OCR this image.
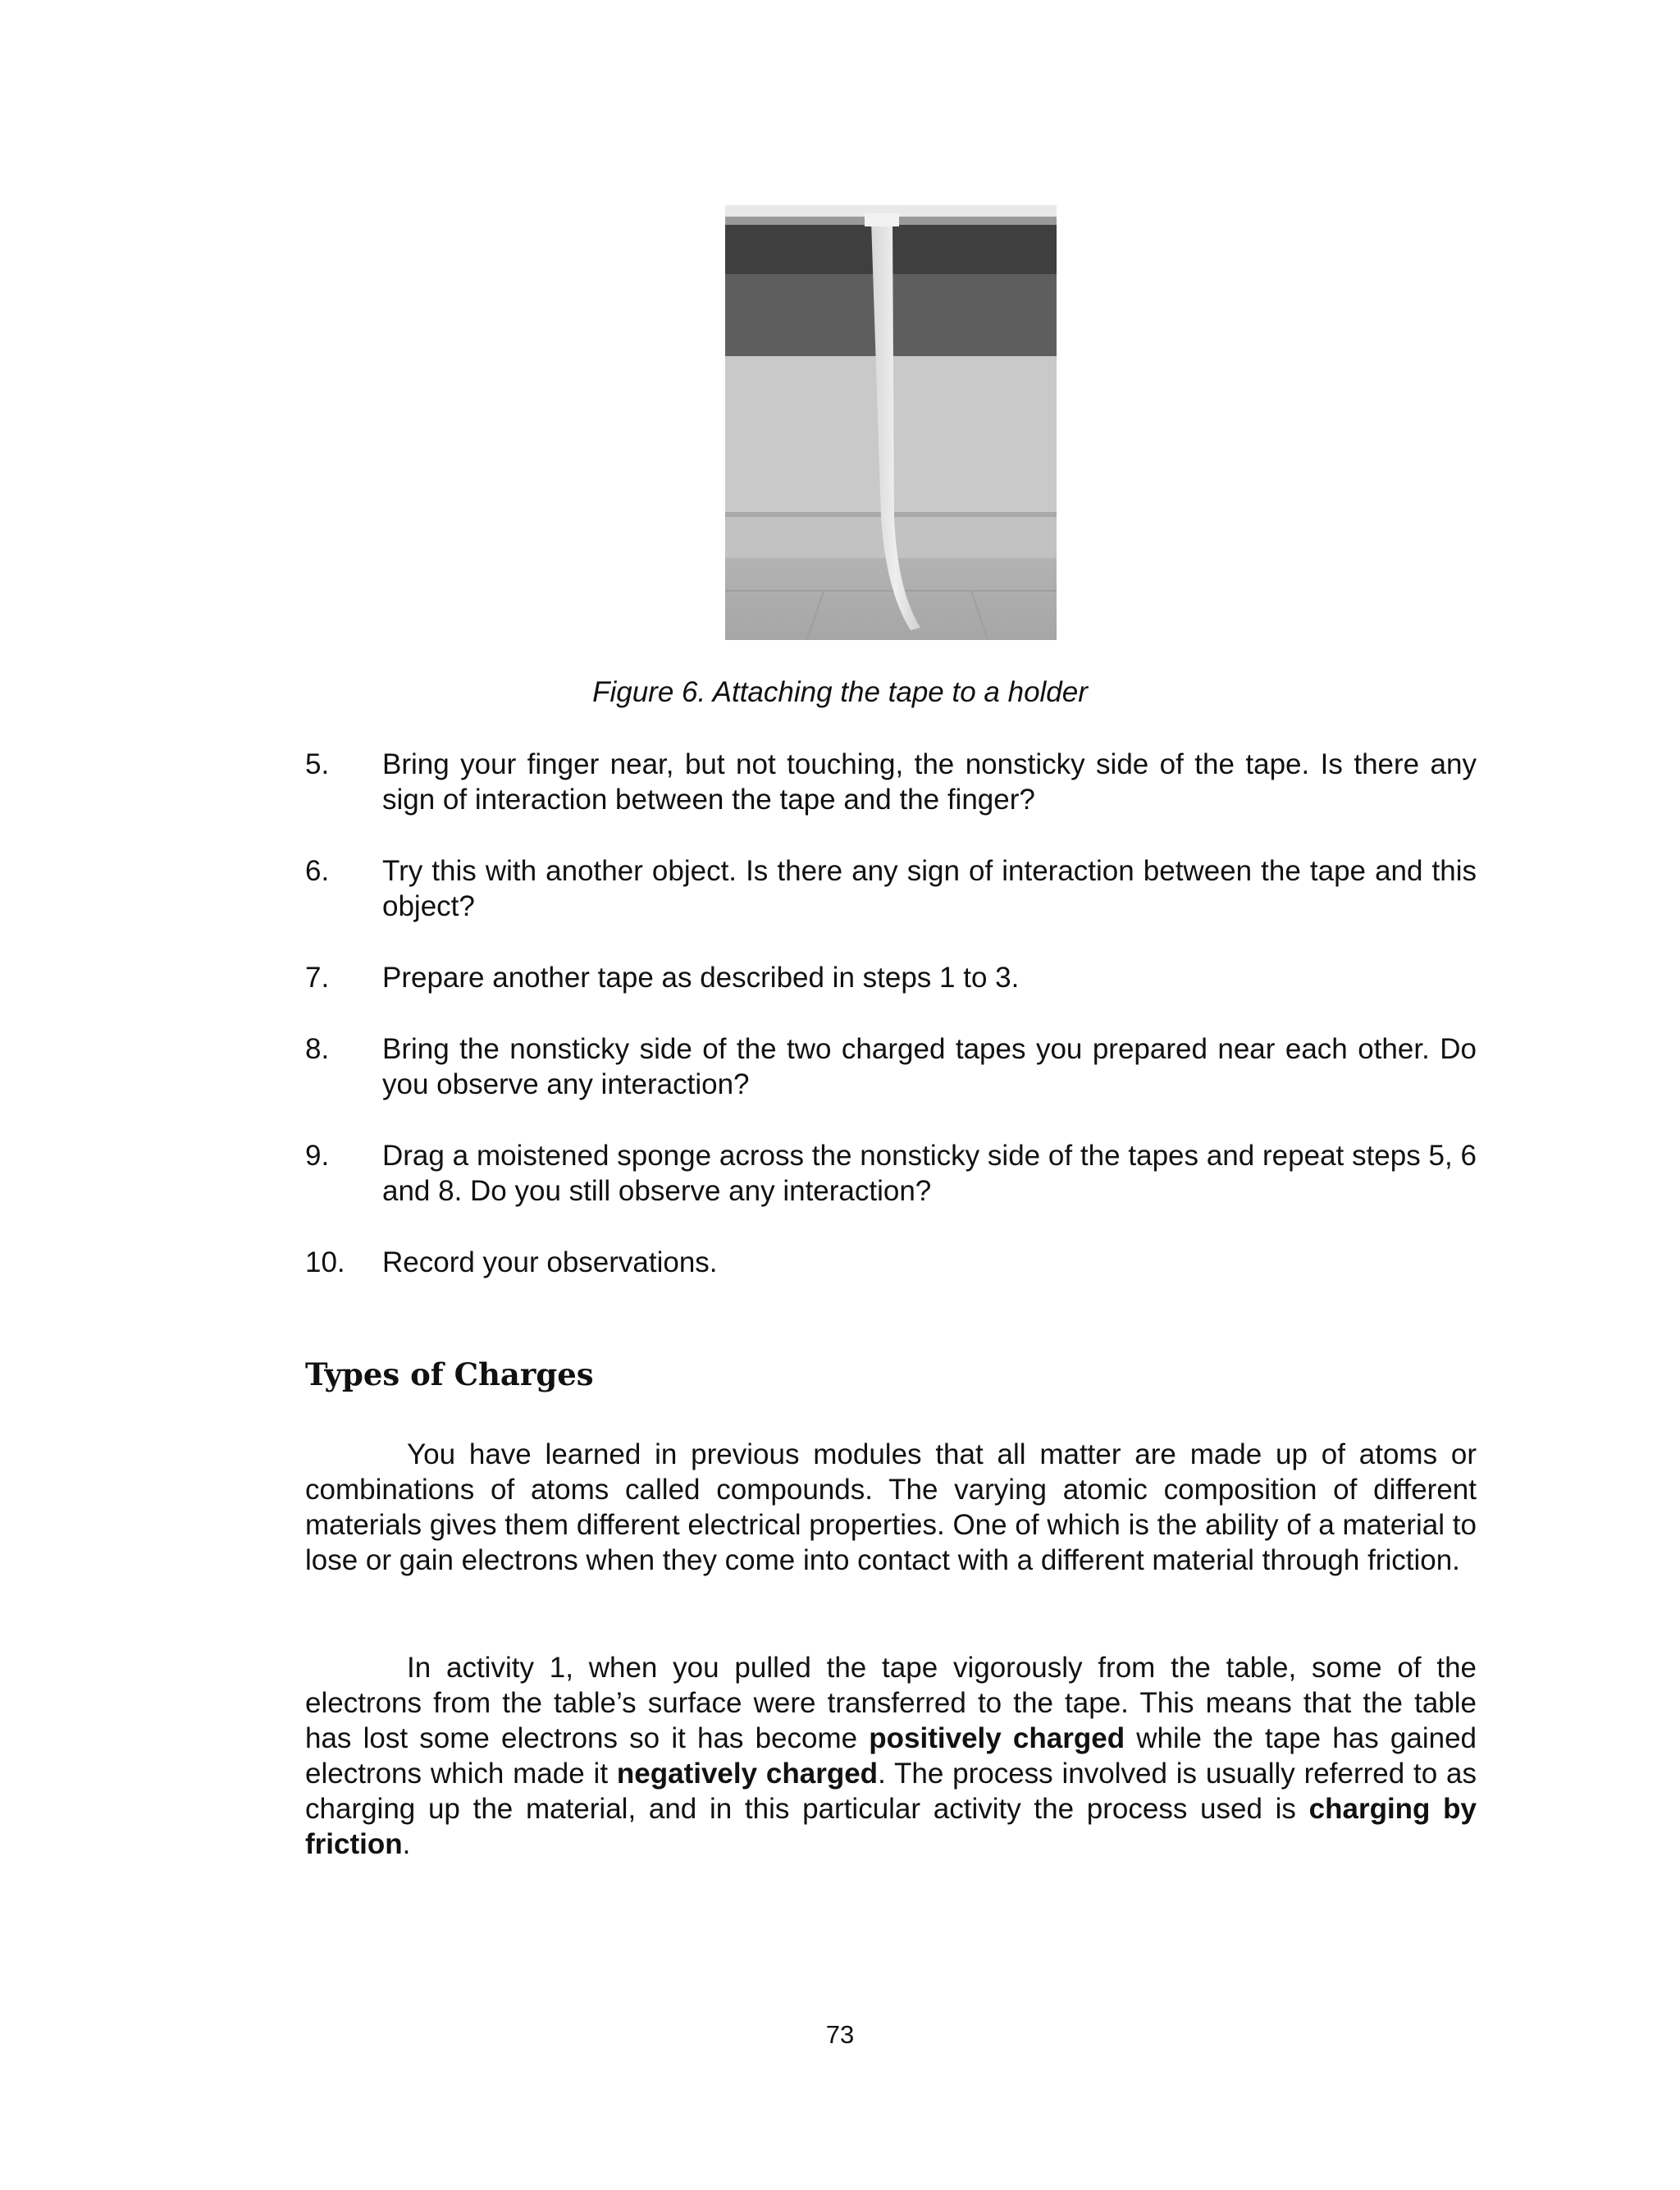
Figure 6. Attaching the tape to a holder
5. Bring your finger near, but not touching, the nonsticky side of the tape. Is there any sign of interaction between the tape and the finger?
6. Try this with another object. Is there any sign of interaction between the tape and this object?
7. Prepare another tape as described in steps 1 to 3.
8. Bring the nonsticky side of the two charged tapes you prepared near each other. Do you observe any interaction?
9. Drag a moistened sponge across the nonsticky side of the tapes and repeat steps 5, 6 and 8. Do you still observe any interaction?
10. Record your observations.
Types of Charges

You have learned in previous modules that all matter are made up of atoms or combinations of atoms called compounds. The varying atomic composition of different materials gives them different electrical properties. One of which is the ability of a material to lose or gain electrons when they come into contact with a different material through friction.

In activity 1, when you pulled the tape vigorously from the table, some of the electrons from the table’s surface were transferred to the tape. This means that the table has lost some electrons so it has become positively charged while the tape has gained electrons which made it negatively charged. The process involved is usually referred to as charging up the material, and in this particular activity the process used is charging by friction.

73
